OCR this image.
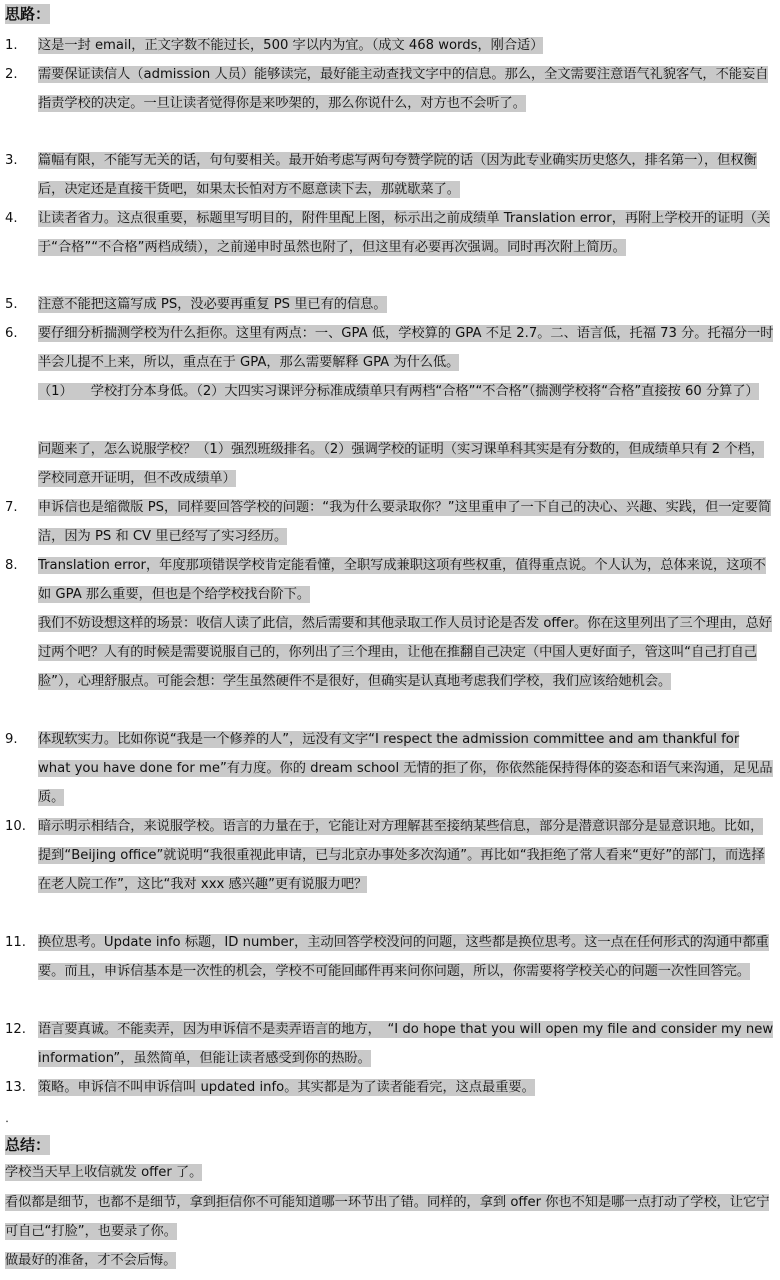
思路：
1.	这是一封 email，正文字数不能过长，500 字以内为宜。（成文 468 words，刚合适）
2.	需要保证读信人（admission 人员）能够读完，最好能主动查找文字中的信息。那么，全文需要注意语气礼貌客气，不能妄自指责学校的决定。一旦让读者觉得你是来吵架的，那么你说什么，对方也不会听了。
3.	篇幅有限，不能写无关的话，句句要相关。最开始考虑写两句夸赞学院的话（因为此专业确实历史悠久，排名第一），但权衡后，决定还是直接干货吧，如果太长怕对方不愿意读下去，那就歇菜了。
4.	让读者省力。这点很重要，标题里写明目的，附件里配上图，标示出之前成绩单 Translation error，再附上学校开的证明（关于“合格”“不合格”两档成绩），之前递申时虽然也附了，但这里有必要再次强调。同时再次附上简历。
5.	注意不能把这篇写成 PS，没必要再重复 PS 里已有的信息。
6.	要仔细分析揣测学校为什么拒你。这里有两点：一、GPA 低，学校算的 GPA 不足 2.7。二、语言低，托福 73 分。托福分一时半会儿提不上来，所以，重点在于 GPA，那么需要解释 GPA 为什么低。
（1） 学校打分本身低。（2）大四实习课评分标准成绩单只有两档“合格”“不合格”（揣测学校将“合格”直接按 60 分算了）
问题来了，怎么说服学校？（1）强烈班级排名。（2）强调学校的证明（实习课单科其实是有分数的，但成绩单只有 2 个档，学校同意开证明，但不改成绩单）
7.	申诉信也是缩微版 PS，同样要回答学校的问题：“我为什么要录取你？”这里重申了一下自己的决心、兴趣、实践，但一定要简洁，因为 PS 和 CV 里已经写了实习经历。
8.	Translation error，年度那项错误学校肯定能看懂，全职写成兼职这项有些权重，值得重点说。个人认为，总体来说，这项不如 GPA 那么重要，但也是个给学校找台阶下。
我们不妨设想这样的场景：收信人读了此信，然后需要和其他录取工作人员讨论是否发 offer。你在这里列出了三个理由，总好过两个吧？人有的时候是需要说服自己的，你列出了三个理由，让他在推翻自己决定（中国人更好面子，管这叫“自己打自己脸”），心理舒服点。可能会想：学生虽然硬件不是很好，但确实是认真地考虑我们学校，我们应该给她机会。
9.	体现软实力。比如你说“我是一个修养的人”，远没有文字“I respect the admission committee and am thankful for what you have done for me”有力度。你的 dream school 无情的拒了你，你依然能保持得体的姿态和语气来沟通，足见品质。
10. 暗示明示相结合，来说服学校。语言的力量在于，它能让对方理解甚至接纳某些信息，部分是潜意识部分是显意识地。比如，提到“Beijing office”就说明“我很重视此申请，已与北京办事处多次沟通”。再比如“我拒绝了常人看来“更好”的部门，而选择在老人院工作”，这比“我对 xxx 感兴趣”更有说服力吧？
11. 换位思考。Update info 标题，ID number，主动回答学校没问的问题，这些都是换位思考。这一点在任何形式的沟通中都重要。而且，申诉信基本是一次性的机会，学校不可能回邮件再来问你问题，所以，你需要将学校关心的问题一次性回答完。
12. 语言要真诚。不能卖弄，因为申诉信不是卖弄语言的地方，　“I do hope that you will open my file and consider my new information”，虽然简单，但能让读者感受到你的热盼。
13. 策略。申诉信不叫申诉信叫 updated info。其实都是为了读者能看完，这点最重要。
．
总结：
学校当天早上收信就发 offer 了。
看似都是细节，也都不是细节，拿到拒信你不可能知道哪一环节出了错。同样的，拿到 offer 你也不知是哪一点打动了学校，让它宁可自己“打脸”，也要录了你。
做最好的准备，才不会后悔。
